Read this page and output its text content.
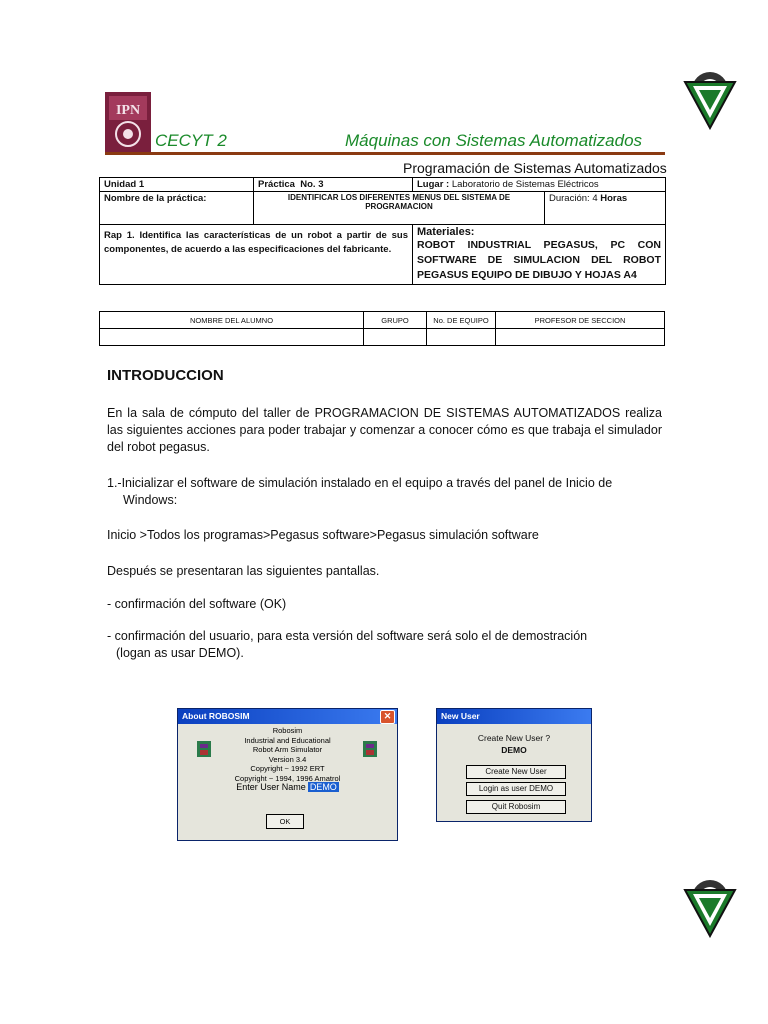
IPN
CECYT 2	Máquinas con Sistemas Automatizados
Programación de Sistemas Automatizados
Unidad 1	Práctica No. 3	Lugar : Laboratorio de Sistemas Eléctricos	
Nombre de la práctica:	IDENTIFICAR LOS DIFERENTES MENUS DEL SISTEMA DE PROGRAMACION		Duración: 4 Horas
Rap 1. Identifica las características de un robot a partir de sus componentes, de acuerdo a las especificaciones del fabricante.		Materiales:
ROBOT INDUSTRIAL PEGASUS, PC CON SOFTWARE DE SIMULACION DEL ROBOT PEGASUS EQUIPO DE DIBUJO Y HOJAS A4	
NOMBRE DEL ALUMNO	GRUPO	No. DE EQUIPO	PROFESOR DE SECCION

INTRODUCCION
En la sala de cómputo del taller de PROGRAMACION DE SISTEMAS AUTOMATIZADOS realiza las siguientes acciones para poder trabajar y comenzar a conocer cómo es que trabaja el simulador del robot pegasus.
1.-Inicializar el software de simulación instalado en el equipo a través del panel de Inicio de
Windows:
Inicio >Todos los programas>Pegasus software>Pegasus simulación software
Después se presentaran las siguientes pantallas.
- confirmación del software (OK)
- confirmación del usuario, para esta versión del software será solo el de demostración
(logan as usar DEMO).
About ROBOSIM	✕
Robosim
Industrial and Educational
Robot Arm Simulator
Version 3.4
Copyright ~ 1992 ERT
Copyright ~ 1994, 1996 Amatrol
Enter User Name DEMO
OK
New User
Create New User ?
DEMO
Create New User
Login as user DEMO
Quit Robosim
